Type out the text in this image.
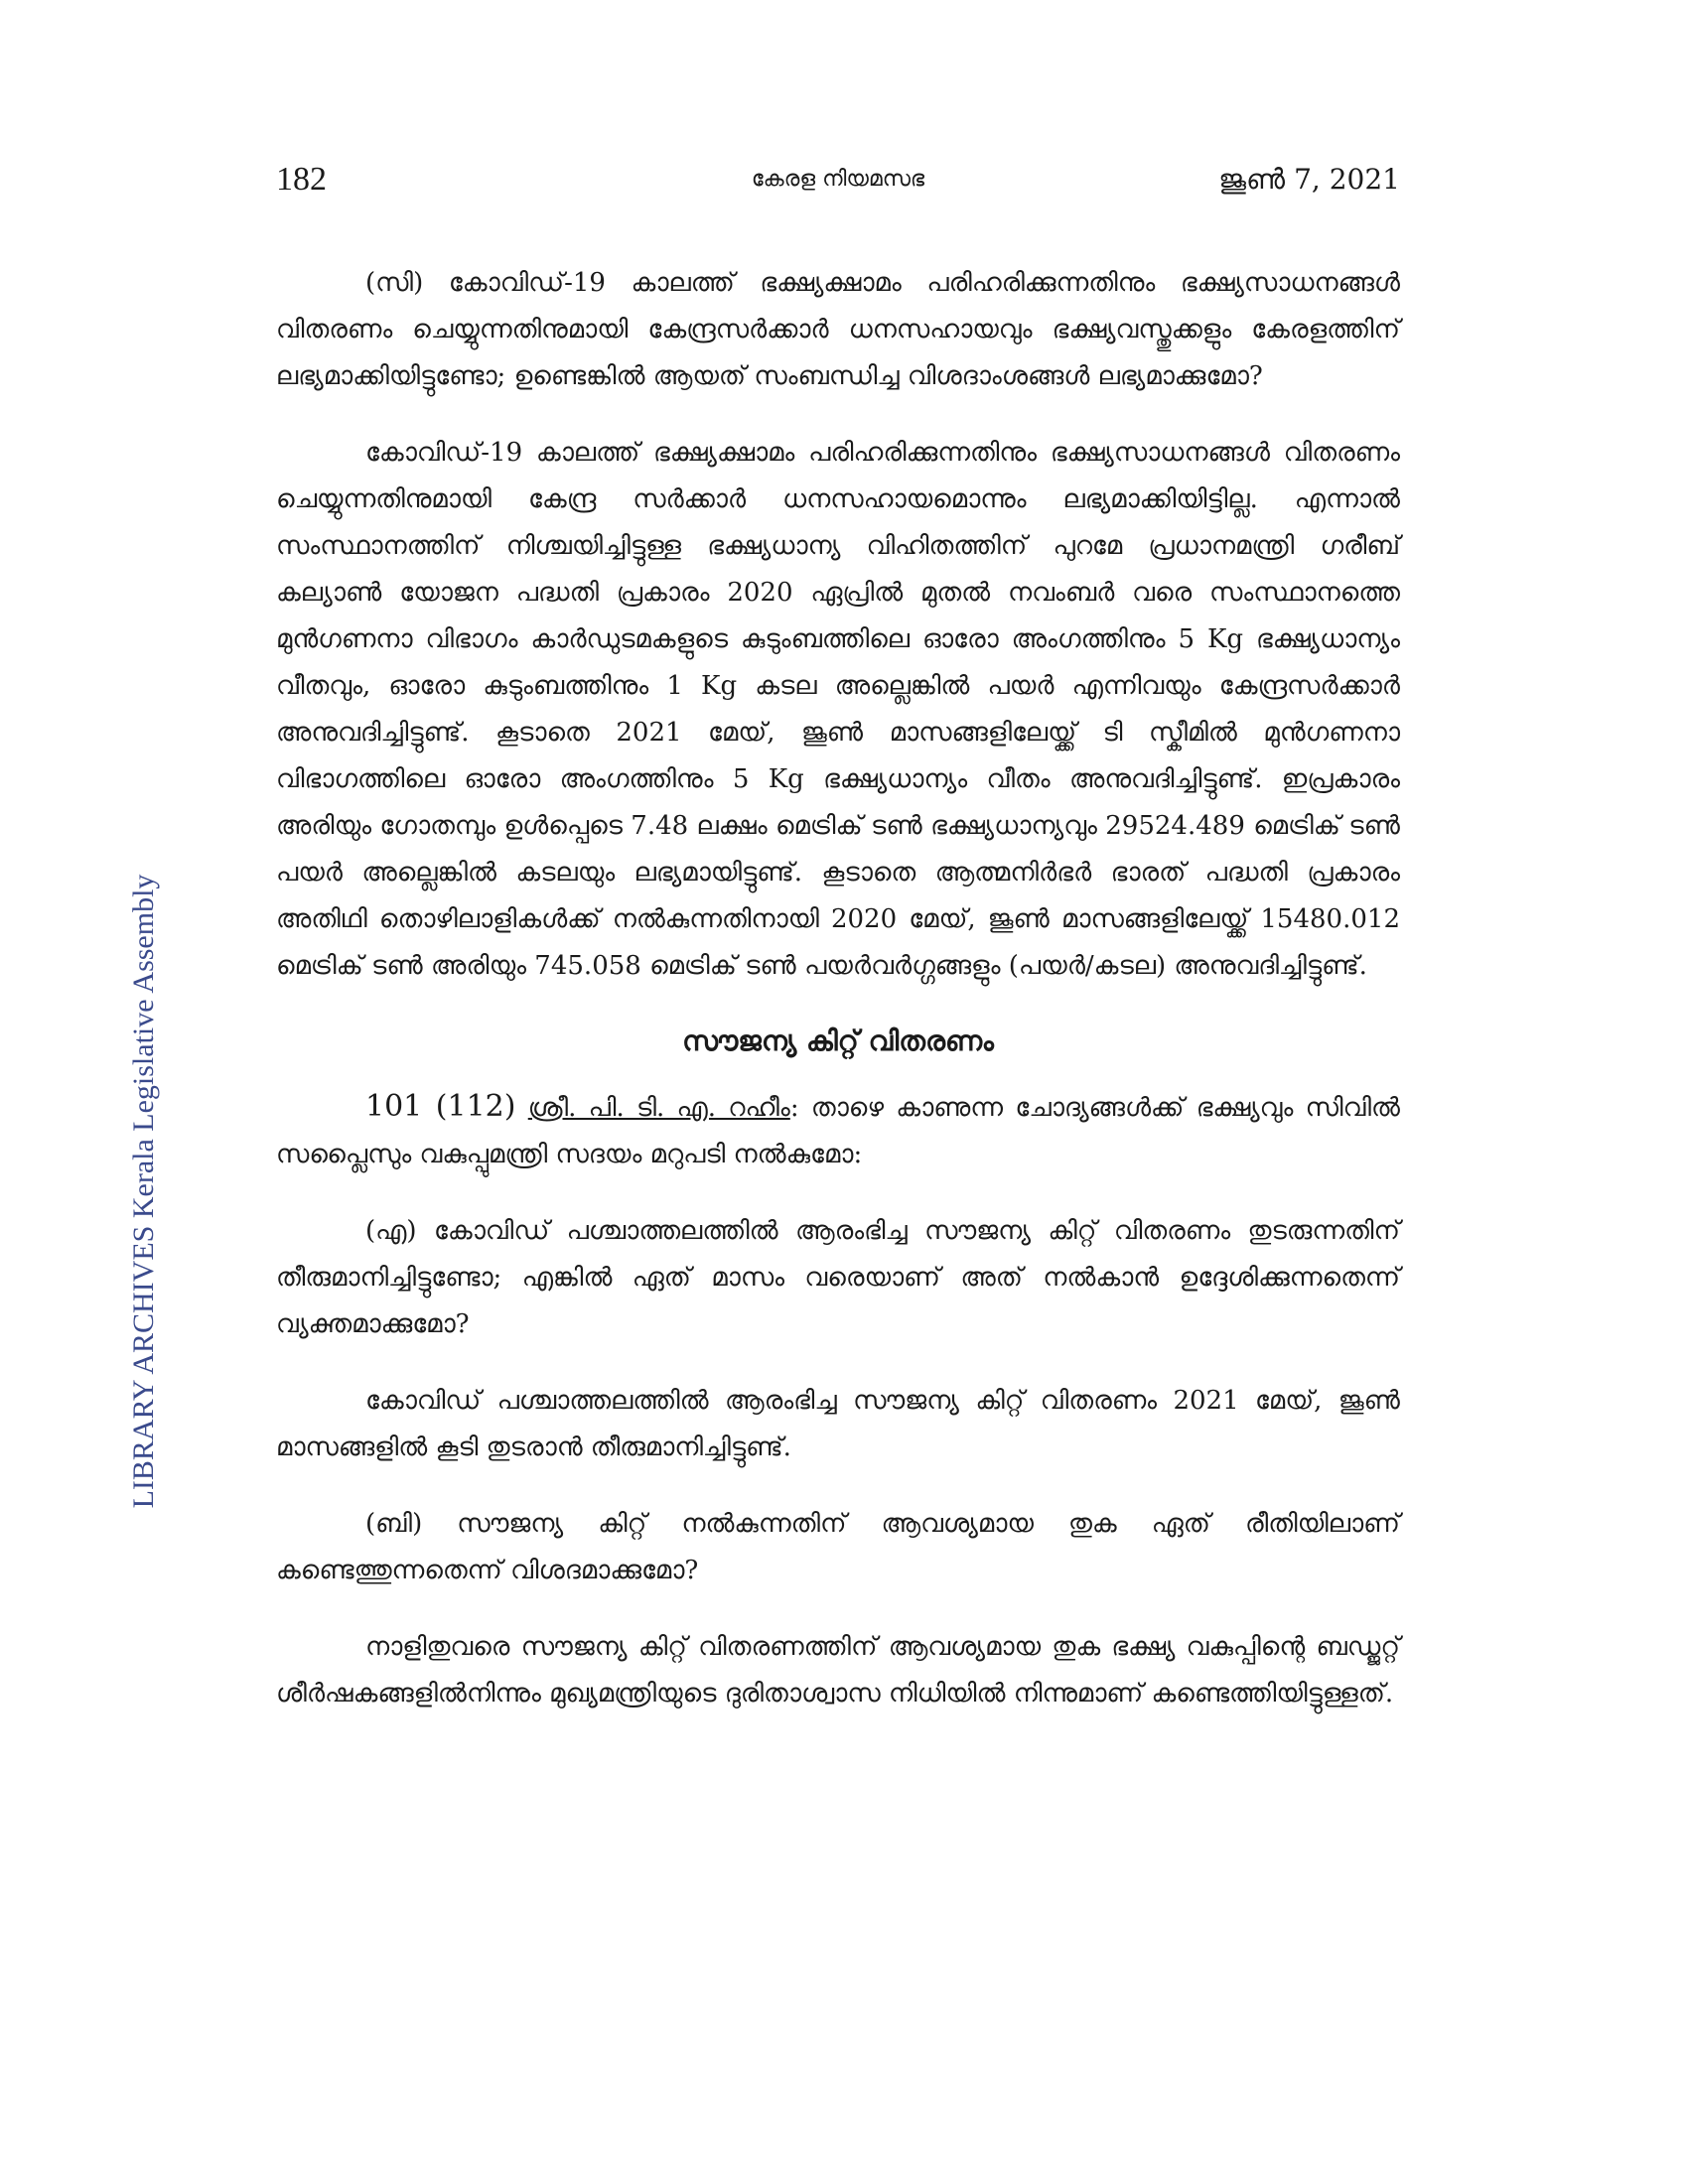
182	കേരള നിയമസഭ	ജൂൺ 7, 2021
LIBRARY ARCHIVES Kerala Legislative Assembly

(സി) കോവിഡ്-19 കാലത്ത് ഭക്ഷ്യക്ഷാമം പരിഹരിക്കുന്നതിനും ഭക്ഷ്യസാധനങ്ങൾ വിതരണം ചെയ്യുന്നതിനുമായി കേന്ദ്രസർക്കാർ ധനസഹായവും ഭക്ഷ്യവസ്തുക്കളും കേരളത്തിന് ലഭ്യമാക്കിയിട്ടുണ്ടോ; ഉണ്ടെങ്കിൽ ആയത് സംബന്ധിച്ച വിശദാംശങ്ങൾ ലഭ്യമാക്കുമോ?

കോവിഡ്-19 കാലത്ത് ഭക്ഷ്യക്ഷാമം പരിഹരിക്കുന്നതിനും ഭക്ഷ്യസാധനങ്ങൾ വിതരണം ചെയ്യുന്നതിനുമായി കേന്ദ്ര സർക്കാർ ധനസഹായമൊന്നും ലഭ്യമാക്കിയിട്ടില്ല. എന്നാൽ സംസ്ഥാനത്തിന് നിശ്ചയിച്ചിട്ടുള്ള ഭക്ഷ്യധാന്യ വിഹിതത്തിന് പുറമേ പ്രധാനമന്ത്രി ഗരീബ് കല്യാൺ യോജന പദ്ധതി പ്രകാരം 2020 ഏപ്രിൽ മുതൽ നവംബർ വരെ സംസ്ഥാനത്തെ മുൻഗണനാ വിഭാഗം കാർഡുടമകളുടെ കുടുംബത്തിലെ ഓരോ അംഗത്തിനും 5 Kg ഭക്ഷ്യധാന്യം വീതവും, ഓരോ കുടുംബത്തിനും 1 Kg കടല അല്ലെങ്കിൽ പയർ എന്നിവയും കേന്ദ്രസർക്കാർ അനുവദിച്ചിട്ടുണ്ട്. കൂടാതെ 2021 മേയ്, ജൂൺ മാസങ്ങളിലേയ്ക്ക് ടി സ്കീമിൽ മുൻഗണനാ വിഭാഗത്തിലെ ഓരോ അംഗത്തിനും 5 Kg ഭക്ഷ്യധാന്യം വീതം അനുവദിച്ചിട്ടുണ്ട്. ഇപ്രകാരം അരിയും ഗോതമ്പും ഉൾപ്പെടെ 7.48 ലക്ഷം മെട്രിക് ടൺ ഭക്ഷ്യധാന്യവും 29524.489 മെട്രിക് ടൺ പയർ അല്ലെങ്കിൽ കടലയും ലഭ്യമായിട്ടുണ്ട്. കൂടാതെ ആത്മനിർഭർ ഭാരത് പദ്ധതി പ്രകാരം അതിഥി തൊഴിലാളികൾക്ക് നൽകുന്നതിനായി 2020 മേയ്, ജൂൺ മാസങ്ങളിലേയ്ക്ക് 15480.012 മെട്രിക് ടൺ അരിയും 745.058 മെട്രിക് ടൺ പയർവർഗ്ഗങ്ങളും (പയർ/കടല) അനുവദിച്ചിട്ടുണ്ട്.

സൗജന്യ കിറ്റ് വിതരണം

101 (112) ശ്രീ. പി. ടി. എ. റഹീം: താഴെ കാണുന്ന ചോദ്യങ്ങൾക്ക് ഭക്ഷ്യവും സിവിൽ സപ്ലൈസും വകുപ്പുമന്ത്രി സദയം മറുപടി നൽകുമോ:

(എ) കോവിഡ് പശ്ചാത്തലത്തിൽ ആരംഭിച്ച സൗജന്യ കിറ്റ് വിതരണം തുടരുന്നതിന് തീരുമാനിച്ചിട്ടുണ്ടോ; എങ്കിൽ ഏത് മാസം വരെയാണ് അത് നൽകാൻ ഉദ്ദേശിക്കുന്നതെന്ന് വ്യക്തമാക്കുമോ?

കോവിഡ് പശ്ചാത്തലത്തിൽ ആരംഭിച്ച സൗജന്യ കിറ്റ് വിതരണം 2021 മേയ്, ജൂൺ മാസങ്ങളിൽ കൂടി തുടരാൻ തീരുമാനിച്ചിട്ടുണ്ട്.

(ബി) സൗജന്യ കിറ്റ് നൽകുന്നതിന് ആവശ്യമായ തുക ഏത് രീതിയിലാണ് കണ്ടെത്തുന്നതെന്ന് വിശദമാക്കുമോ?

നാളിതുവരെ സൗജന്യ കിറ്റ് വിതരണത്തിന് ആവശ്യമായ തുക ഭക്ഷ്യ വകുപ്പിന്റെ ബഡ്ജറ്റ് ശീർഷകങ്ങളിൽനിന്നും മുഖ്യമന്ത്രിയുടെ ദുരിതാശ്വാസ നിധിയിൽ നിന്നുമാണ് കണ്ടെത്തിയിട്ടുള്ളത്.
